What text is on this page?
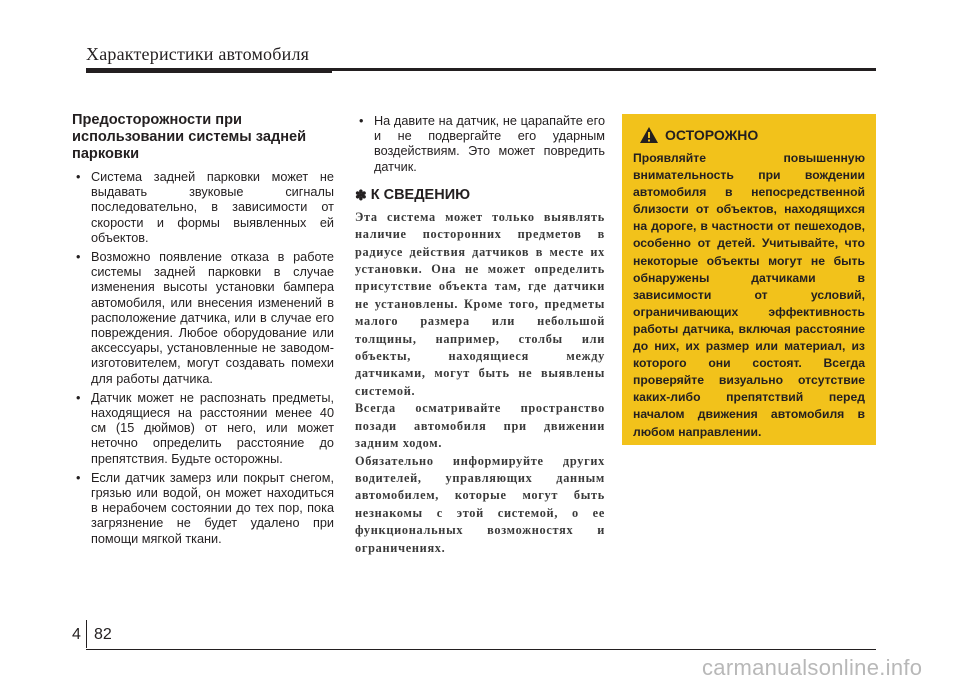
Характеристики автомобиля
Предосторожности при использовании системы задней парковки
• Система задней парковки может не выдавать звуковые сигналы последовательно, в зависимости от скорости и формы выявленных ей объектов.
• Возможно появление отказа в работе системы задней парковки в случае изменения высоты установки бампера автомобиля, или внесения изменений в расположение датчика, или в случае его повреждения. Любое оборудование или аксессуары, установленные не заводом-изготовителем, могут создавать помехи для работы датчика.
• Датчик может не распознать предметы, находящиеся на расстоянии менее 40 см (15 дюймов) от него, или может неточно определить расстояние до препятствия. Будьте осторожны.
• Если датчик замерз или покрыт снегом, грязью или водой, он может находиться в нерабочем состоянии до тех пор, пока загрязнение не будет удалено при помощи мягкой ткани.
• На давите на датчик, не царапайте его и не подвергайте его ударным воздействиям. Это может повредить датчик.
✽ К СВЕДЕНИЮ

Эта система может только выявлять наличие посторонних предметов в радиусе действия датчиков в месте их установки. Она не может определить присутствие объекта там, где датчики не установлены. Кроме того, предметы малого размера или небольшой толщины, например, столбы или объекты, находящиеся между датчиками, могут быть не выявлены системой.

Всегда осматривайте пространство позади автомобиля при движении задним ходом.

Обязательно информируйте других водителей, управляющих данным автомобилем, которые могут быть незнакомы с этой системой, о ее функциональных возможностях и ограничениях.

ОСТОРОЖНО

Проявляйте повышенную внимательность при вождении автомобиля в непосредственной близости от объектов, находящихся на дороге, в частности от пешеходов, особенно от детей. Учитывайте, что некоторые объекты могут не быть обнаружены датчиками в зависимости от условий, ограничивающих эффективность работы датчика, включая расстояние до них, их размер или материал, из которого они состоят. Всегда проверяйте визуально отсутствие каких-либо препятствий перед началом движения автомобиля в любом направлении.

4 82
carmanualsonline.info
